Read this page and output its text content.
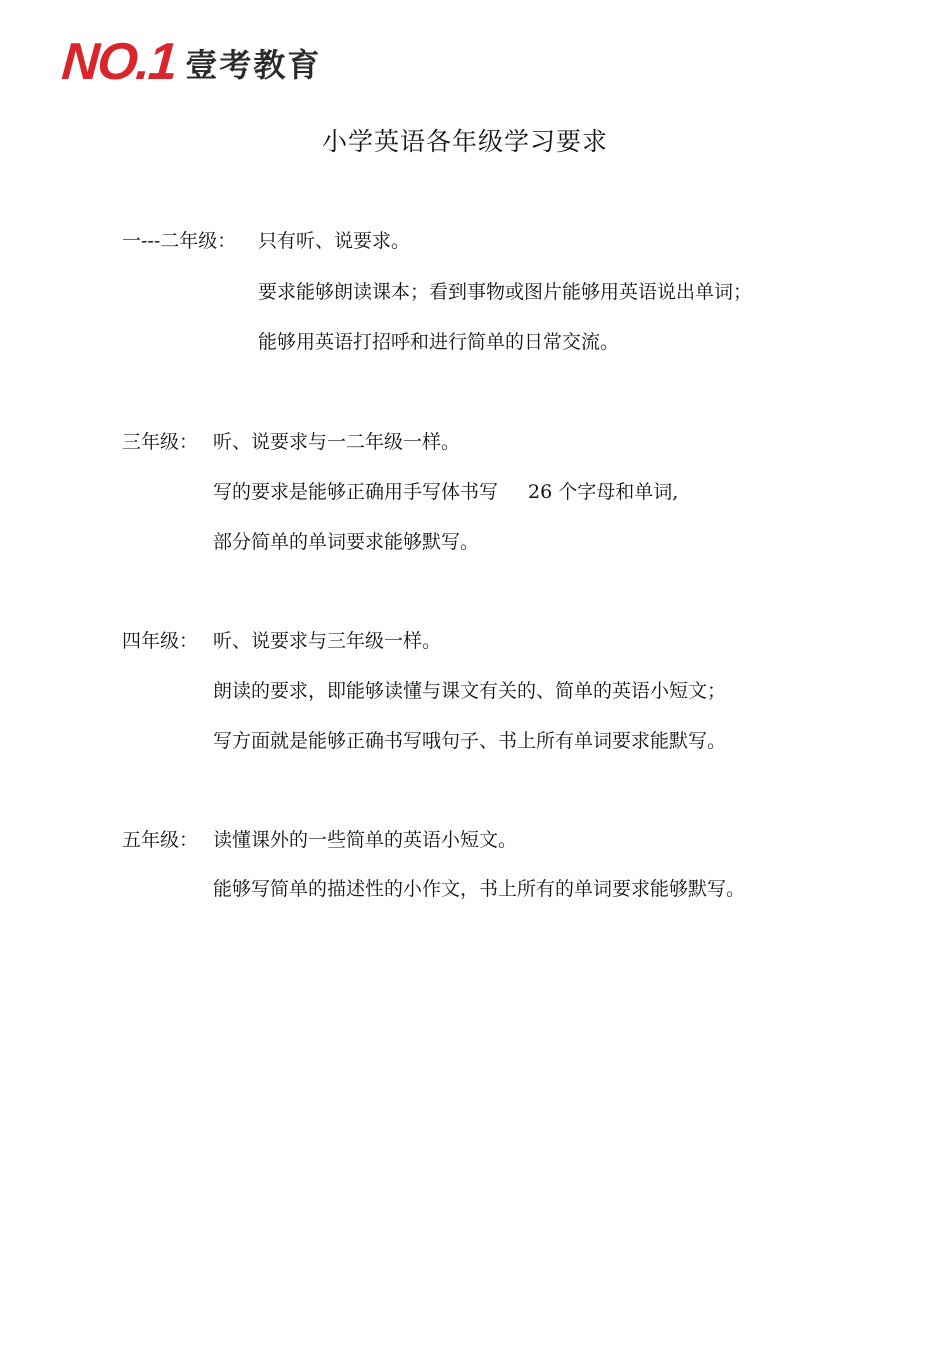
NO.1 壹考教育
小学英语各年级学习要求
一---二年级： 只有听、说要求。
要求能够朗读课本；看到事物或图片能够用英语说出单词；
能够用英语打招呼和进行简单的日常交流。
三年级： 听、说要求与一二年级一样。
写的要求是能够正确用手写体书写 26 个字母和单词,
部分简单的单词要求能够默写。
四年级： 听、说要求与三年级一样。
朗读的要求，即能够读懂与课文有关的、简单的英语小短文；
写方面就是能够正确书写哦句子、书上所有单词要求能默写。
五年级： 读懂课外的一些简单的英语小短文。
能够写简单的描述性的小作文，书上所有的单词要求能够默写。
